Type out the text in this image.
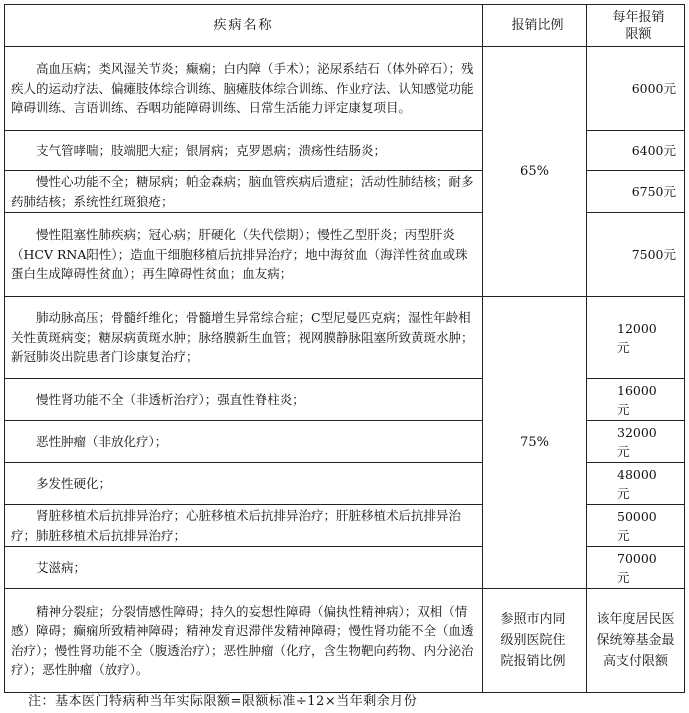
疾病名称	报销比例	每年报销限额
　　高血压病；类风湿关节炎；癫痫；白内障（手术）；泌尿系结石（体外碎石）；残疾人的运动疗法、偏瘫肢体综合训练、脑瘫肢体综合训练、作业疗法、认知感觉功能障碍训练、言语训练、吞咽功能障碍训练、日常生活能力评定康复项目。	65%	6000元
　　支气管哮喘；肢端肥大症；银屑病；克罗恩病；溃疡性结肠炎；		6400元
　　慢性心功能不全；糖尿病；帕金森病；脑血管疾病后遗症；活动性肺结核；耐多药肺结核；系统性红斑狼疮；		6750元
　　慢性阻塞性肺疾病；冠心病；肝硬化（失代偿期）；慢性乙型肝炎；丙型肝炎（HCV RNA阳性）；造血干细胞移植后抗排异治疗；地中海贫血（海洋性贫血或珠蛋白生成障碍性贫血）；再生障碍性贫血；血友病；		7500元
　　肺动脉高压；骨髓纤维化；骨髓增生异常综合症；C型尼曼匹克病；湿性年龄相关性黄斑病变；糖尿病黄斑水肿；脉络膜新生血管；视网膜静脉阻塞所致黄斑水肿；新冠肺炎出院患者门诊康复治疗；	75%	12000元
　　慢性肾功能不全（非透析治疗）；强直性脊柱炎；		16000元
　　恶性肿瘤（非放化疗）；		32000元
　　多发性硬化；		48000元
　　肾脏移植术后抗排异治疗；心脏移植术后抗排异治疗；肝脏移植术后抗排异治疗；肺脏移植术后抗排异治疗；		50000元
　　艾滋病；		70000元
　　精神分裂症；分裂情感性障碍；持久的妄想性障碍（偏执性精神病）；双相（情感）障碍；癫痫所致精神障碍；精神发育迟滞伴发精神障碍；慢性肾功能不全（血透治疗）；慢性肾功能不全（腹透治疗）；恶性肿瘤（化疗，含生物靶向药物、内分泌治疗）；恶性肿瘤（放疗）。	参照市内同级别医院住院报销比例	该年度居民医保统筹基金最高支付限额
注：基本医门特病种当年实际限额=限额标准÷12×当年剩余月份
